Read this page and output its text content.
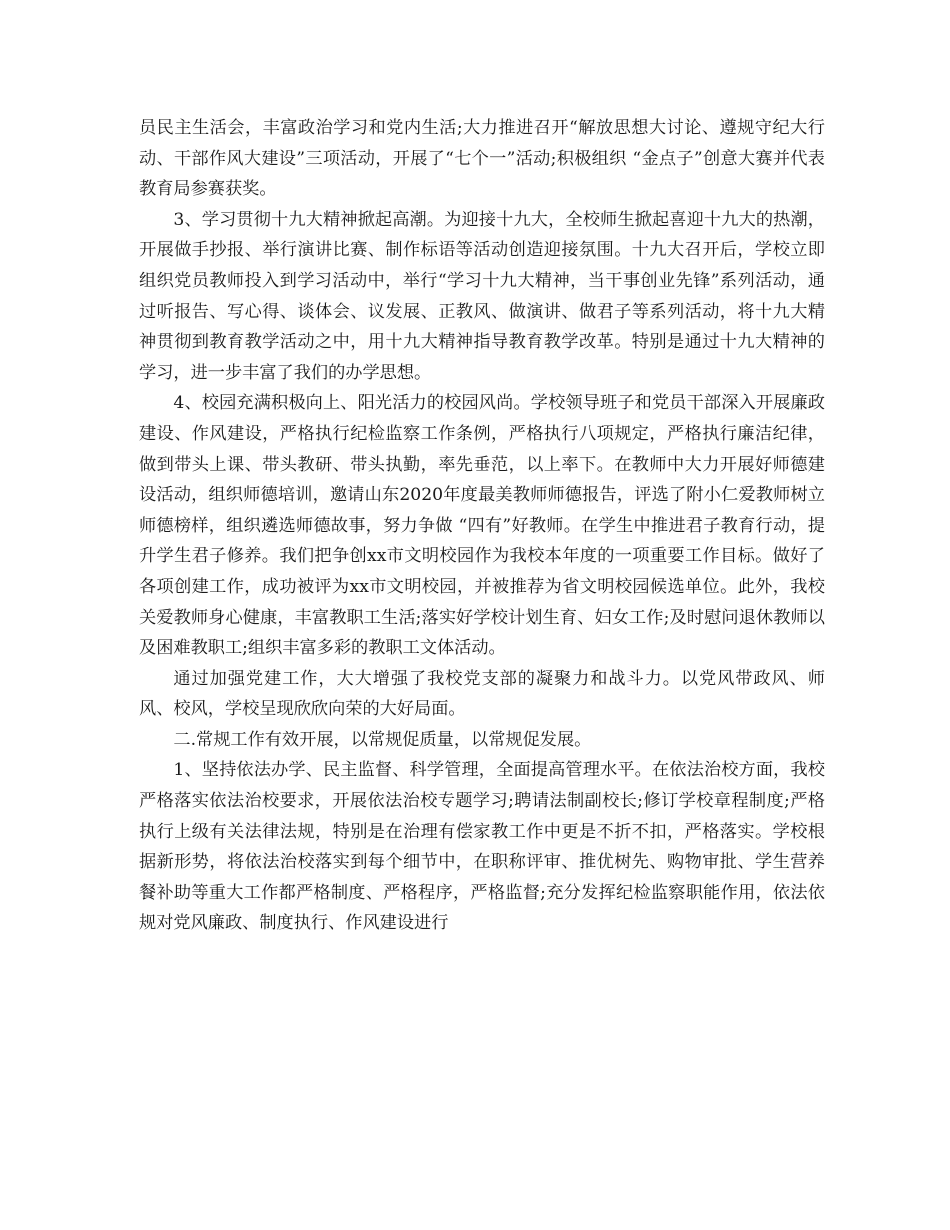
员民主生活会，丰富政治学习和党内生活;大力推进召开“解放思想大讨论、遵规守纪大行动、干部作风大建设”三项活动，开展了“七个一”活动;积极组织 “金点子”创意大赛并代表教育局参赛获奖。

3、学习贯彻十九大精神掀起高潮。为迎接十九大，全校师生掀起喜迎十九大的热潮，开展做手抄报、举行演讲比赛、制作标语等活动创造迎接氛围。十九大召开后，学校立即组织党员教师投入到学习活动中，举行“学习十九大精神，当干事创业先锋”系列活动，通过听报告、写心得、谈体会、议发展、正教风、做演讲、做君子等系列活动，将十九大精神贯彻到教育教学活动之中，用十九大精神指导教育教学改革。特别是通过十九大精神的学习，进一步丰富了我们的办学思想。

4、校园充满积极向上、阳光活力的校园风尚。学校领导班子和党员干部深入开展廉政建设、作风建设，严格执行纪检监察工作条例，严格执行八项规定，严格执行廉洁纪律，做到带头上课、带头教研、带头执勤，率先垂范，以上率下。在教师中大力开展好师德建设活动，组织师德培训，邀请山东2020年度最美教师师德报告，评选了附小仁爱教师树立师德榜样，组织遴选师德故事，努力争做 “四有”好教师。在学生中推进君子教育行动，提升学生君子修养。我们把争创xx市文明校园作为我校本年度的一项重要工作目标。做好了各项创建工作，成功被评为xx市文明校园，并被推荐为省文明校园候选单位。此外，我校关爱教师身心健康，丰富教职工生活;落实好学校计划生育、妇女工作;及时慰问退休教师以及困难教职工;组织丰富多彩的教职工文体活动。

通过加强党建工作，大大增强了我校党支部的凝聚力和战斗力。以党风带政风、师风、校风，学校呈现欣欣向荣的大好局面。

二.常规工作有效开展，以常规促质量，以常规促发展。

1、坚持依法办学、民主监督、科学管理，全面提高管理水平。在依法治校方面，我校严格落实依法治校要求，开展依法治校专题学习;聘请法制副校长;修订学校章程制度;严格执行上级有关法律法规，特别是在治理有偿家教工作中更是不折不扣，严格落实。学校根据新形势，将依法治校落实到每个细节中，在职称评审、推优树先、购物审批、学生营养餐补助等重大工作都严格制度、严格程序，严格监督;充分发挥纪检监察职能作用，依法依规对党风廉政、制度执行、作风建设进行
